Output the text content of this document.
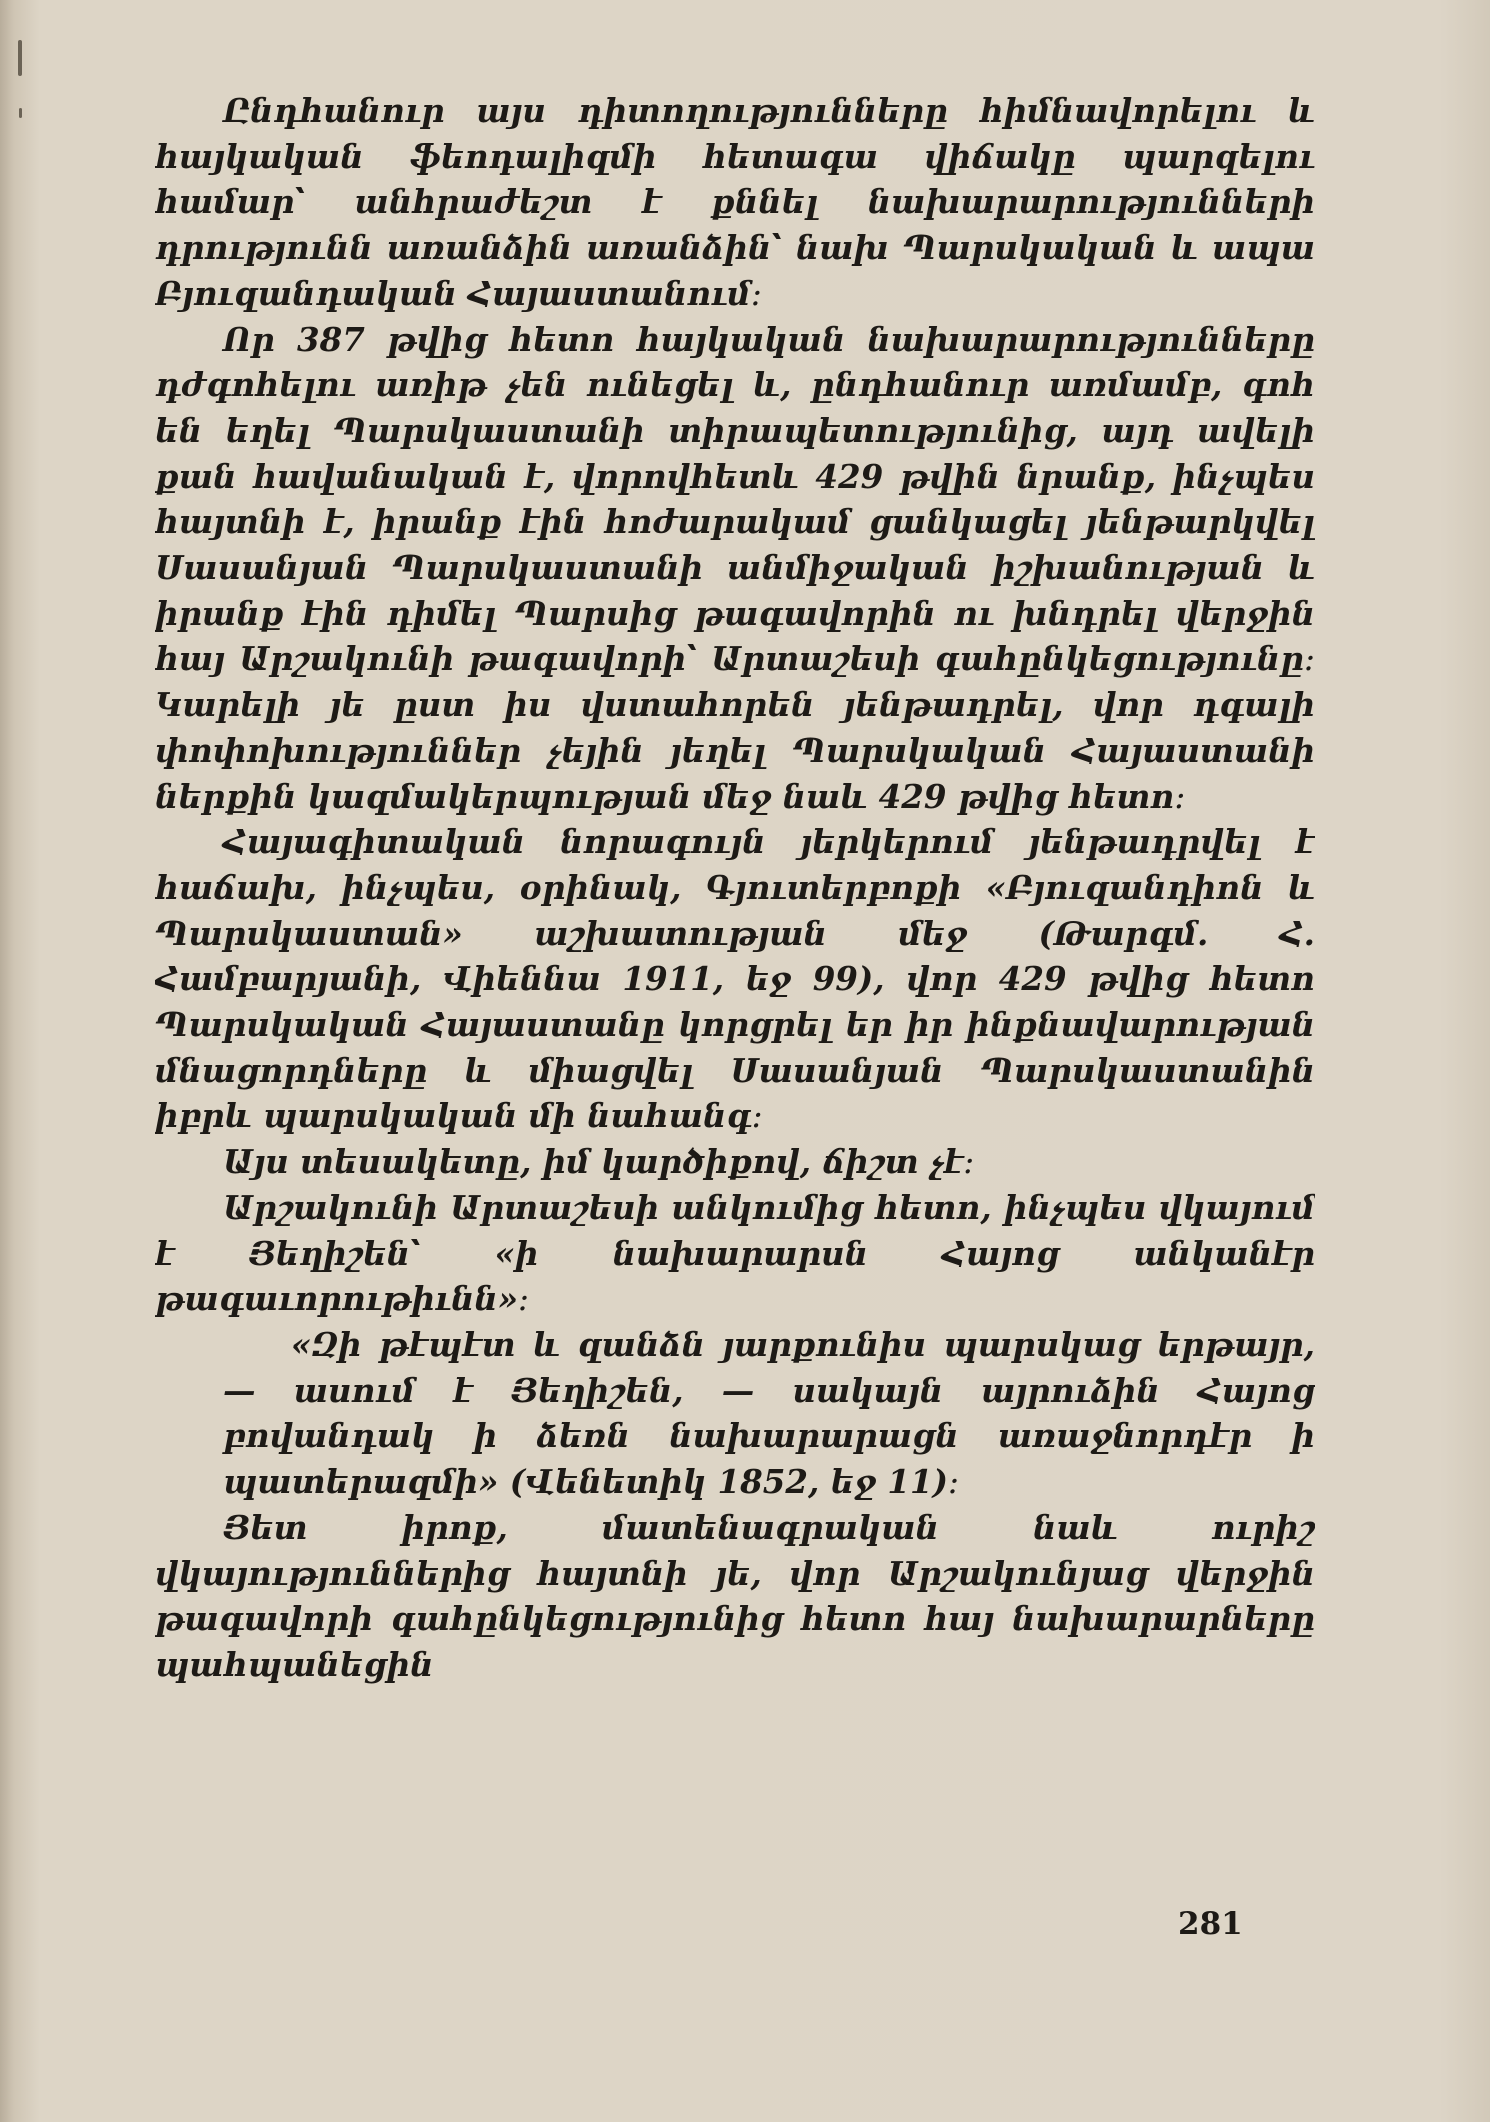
Ընդհանուր այս դիտողությունները հիմնավորելու և հայկական ֆեոդալիզմի հետագա վիճակը պարզելու համար՝ անհրաժեշտ է քննել նախարարությունների դրությունն առանձին առանձին՝ նախ Պարսկական և ապա Բյուզանդական Հայաստանում։

Որ 387 թվից հետո հայկական նախարարությունները դժգոհելու առիթ չեն ունեցել և, ընդհանուր առմամբ, գոհ են եղել Պարսկաստանի տիրապետությունից, այդ ավելի քան հավանական է, վորովհետև 429 թվին նրանք, ինչպես հայտնի է, իրանք էին հոժարակամ ցանկացել յենթարկվել Սասանյան Պարսկաստանի անմիջական իշխանության և իրանք էին դիմել Պարսից թագավորին ու խնդրել վերջին հայ Արշակունի թագավորի՝ Արտաշեսի գահընկեցությունը։ Կարելի յե ըստ իս վստահորեն յենթադրել, վոր դգալի փոփոխություններ չեյին յեղել Պարսկական Հայաստանի ներքին կազմակերպության մեջ նաև 429 թվից հետո։

Հայագիտական նորագույն յերկերում յենթադրվել է հաճախ, ինչպես, օրինակ, Գյուտերբոքի «Բյուզանդիոն և Պարսկաստան» աշխատության մեջ (Թարգմ. Հ. Համբարյանի, Վիեննա 1911, եջ 99), վոր 429 թվից հետո Պարսկական Հայաստանը կորցրել եր իր ինքնավարության մնացորդները և միացվել Սասանյան Պարսկաստանին իբրև պարսկական մի նահանգ։

Այս տեսակետը, իմ կարծիքով, ճիշտ չէ։

Արշակունի Արտաշեսի անկումից հետո, ինչպես վկայում է Յեղիշեն՝ «ի նախարարսն Հայոց անկանէր թագաւորութիւնն»։

«Զի թէպէտ և զանձն յարքունիս պարսկաց երթայր, — ասում է Յեղիշեն, — սակայն այրուձին Հայոց բովանդակ ի ձեռն նախարարացն առաջնորդէր ի պատերազմի» (Վենետիկ 1852, եջ 11)։

Յետ իրոք, մատենագրական նաև ուրիշ վկայություններից հայտնի յե, վոր Արշակունյաց վերջին թագավորի գահընկեցությունից հետո հայ նախարարները պահպանեցին

281
